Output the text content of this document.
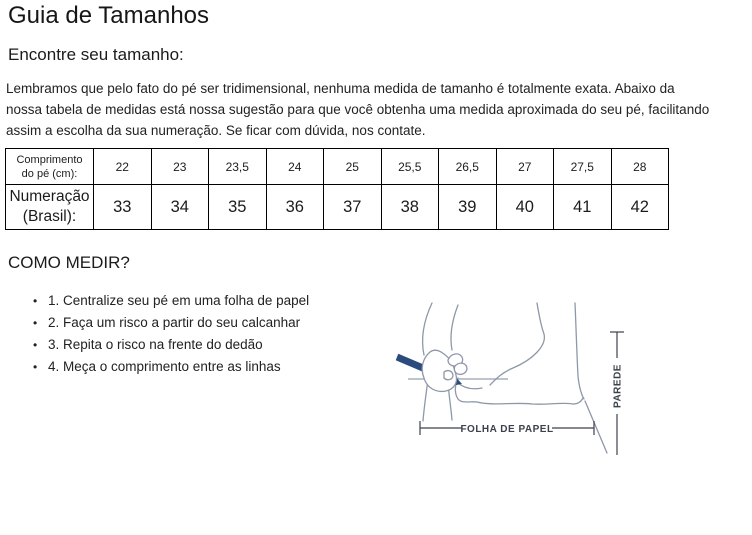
Guia de Tamanhos
Encontre seu tamanho:
Lembramos que pelo fato do pé ser tridimensional, nenhuma medida de tamanho é totalmente exata. Abaixo da
nossa tabela de medidas está nossa sugestão para que você obtenha uma medida aproximada do seu pé, facilitando
assim a escolha da sua numeração. Se ficar com dúvida, nos contate.
Comprimento
do pé (cm):	22	23	23,5	24	25	25,5	26,5	27	27,5	28

Numeração
(Brasil):	33	34	35	36	37	38	39	40	41	42
COMO MEDIR?
• 1. Centralize seu pé em uma folha de papel
• 2. Faça um risco a partir do seu calcanhar
• 3. Repita o risco na frente do dedão
• 4. Meça o comprimento entre as linhas
FOLHA DE PAPEL
PAREDE
